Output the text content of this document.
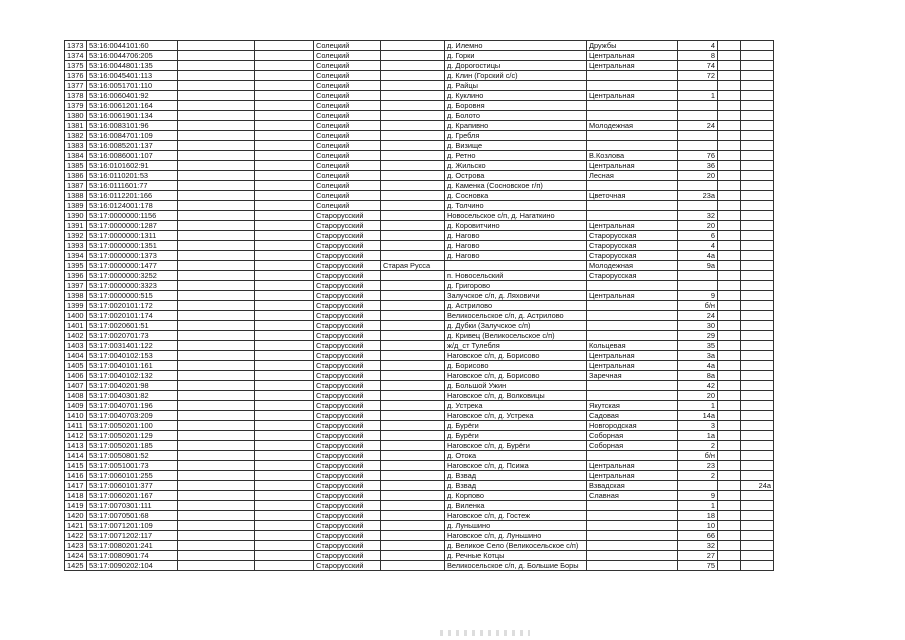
1373	53:16:0044101:60			Солецкий		д. Илемно	Дружбы	4		
1374	53:16:0044706:205			Солецкий		д. Горки	Центральная	8		
1375	53:16:0044801:135			Солецкий		д. Дорогостицы	Центральная	74		
1376	53:16:0045401:113			Солецкий		д. Клин (Горский с/с)		72		
1377	53:16:0051701:110			Солецкий		д. Райцы				
1378	53:16:0060401:92			Солецкий		д. Куклино	Центральная	1		
1379	53:16:0061201:164			Солецкий		д. Боровня				
1380	53:16:0061901:134			Солецкий		д. Болото				
1381	53:16:0083101:96			Солецкий		д. Крапивно	Молодежная	24		
1382	53:16:0084701:109			Солецкий		д. Гребля				
1383	53:16:0085201:137			Солецкий		д. Визище				
1384	53:16:0086001:107			Солецкий		д. Ретно	В.Козлова	76		
1385	53:16:0101602:91			Солецкий		д. Жильско	Центральная	36		
1386	53:16:0110201:53			Солецкий		д. Острова	Лесная	20		
1387	53:16:0111601:77			Солецкий		д. Каменка (Сосновское г/п)				
1388	53:16:0112201:166			Солецкий		д. Сосновка	Цветочная	23а		
1389	53:16:0124001:178			Солецкий		д. Толчино				
1390	53:17:0000000:1156			Старорусский		Новосельское с/п, д. Нагаткино		32		
1391	53:17:0000000:1287			Старорусский		д. Коровитчино	Центральная	20		
1392	53:17:0000000:1311			Старорусский		д. Нагово	Старорусская	6		
1393	53:17:0000000:1351			Старорусский		д. Нагово	Старорусская	4		
1394	53:17:0000000:1373			Старорусский		д. Нагово	Старорусская	4а		
1395	53:17:0000000:1477			Старорусский	Старая Русса		Молодежная	9а		
1396	53:17:0000000:3252			Старорусский		п. Новосельский	Старорусская			
1397	53:17:0000000:3323			Старорусский		д. Григорово				
1398	53:17:0000000:515			Старорусский		Залучское с/п, д. Ляховичи	Центральная	9		
1399	53:17:0020101:172			Старорусский		д. Астрилово		б/н		
1400	53:17:0020101:174			Старорусский		Великосельское с/п, д. Астрилово		24		
1401	53:17:0020601:51			Старорусский		д. Дубки (Залучское с/п)		30		
1402	53:17:0020701:73			Старорусский		д. Кривец (Великосельское с/п)		29		
1403	53:17:0031401:122			Старорусский		ж/д_ст Тулебля	Кольцевая	35		
1404	53:17:0040102:153			Старорусский		Наговское с/п, д. Борисово	Центральная	3а		
1405	53:17:0040101:161			Старорусский		д. Борисово	Центральная	4а		
1406	53:17:0040102:132			Старорусский		Наговское с/п, д. Борисово	Заречная	8а		
1407	53:17:0040201:98			Старорусский		д. Большой Ужин		42		
1408	53:17:0040301:82			Старорусский		Наговское с/п, д. Волковицы		20		
1409	53:17:0040701:196			Старорусский		д. Устрека	Якутская	1		
1410	53:17:0040703:209			Старорусский		Наговское с/п, д. Устрека	Садовая	14а		
1411	53:17:0050201:100			Старорусский		д. Бурёги	Новгородская	3		
1412	53:17:0050201:129			Старорусский		д. Бурёги	Соборная	1а		
1413	53:17:0050201:185			Старорусский		Наговское с/п, д. Бурёги	Соборная	2		
1414	53:17:0050801:52			Старорусский		д. Отока		б/н		
1415	53:17:0051001:73			Старорусский		Наговское с/п, д. Псижа	Центральная	23		
1416	53:17:0060101:255			Старорусский		д. Взвад	Центральная	2		
1417	53:17:0060101:377			Старорусский		д. Взвад	Взвадская			24а
1418	53:17:0060201:167			Старорусский		д. Корпово	Славная	9		
1419	53:17:0070301:111			Старорусский		д. Виленка		1		
1420	53:17:0070501:68			Старорусский		Наговское с/п, д. Гостеж		18		
1421	53:17:0071201:109			Старорусский		д. Луньшино		10		
1422	53:17:0071202:117			Старорусский		Наговское с/п, д. Луньшино		66		
1423	53:17:0080201:241			Старорусский		д. Великое Село (Великосельское с/п)		32		
1424	53:17:0080901:74			Старорусский		д. Речные Котцы		27		
1425	53:17:0090202:104			Старорусский		Великосельское с/п, д. Большие Боры		75		
